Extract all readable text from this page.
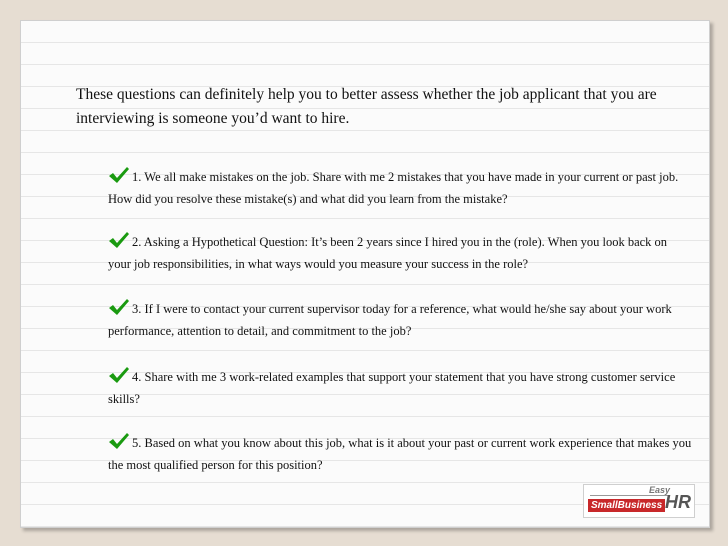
These questions can definitely help you to better assess whether the job applicant that you are interviewing is someone you’d want to hire.
1. We all make mistakes on the job. Share with me 2 mistakes that you have made in your current or past job. How did you resolve these mistake(s) and what did you learn from the mistake?
2. Asking a Hypothetical Question: It’s been 2 years since I hired you in the (role). When you look back on your job responsibilities, in what ways would you measure your success in the role?
3. If I were to contact your current supervisor today for a reference, what would he/she say about your work performance, attention to detail, and commitment to the job?
4. Share with me 3 work-related examples that support your statement that you have strong customer service skills?
5. Based on what you know about this job, what is it about your past or current work experience that makes you the most qualified person for this position?
Easy
SmallBusiness HR
